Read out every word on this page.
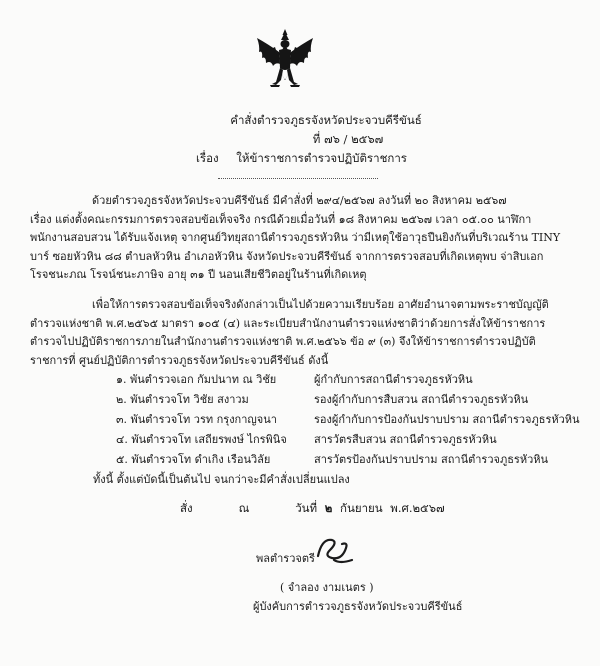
คำสั่งตำรวจภูธรจังหวัดประจวบคีรีขันธ์
ที่ ๗๖ / ๒๕๖๗
เรื่อง ให้ข้าราชการตำรวจปฏิบัติราชการ
ด้วยตำรวจภูธรจังหวัดประจวบคีรีขันธ์ มีคำสั่งที่ ๒๙๔/๒๕๖๗ ลงวันที่ ๒๐ สิงหาคม ๒๕๖๗
เรื่อง แต่งตั้งคณะกรรมการตรวจสอบข้อเท็จจริง กรณีด้วยเมื่อวันที่ ๑๘ สิงหาคม ๒๕๖๗ เวลา ๐๕.๐๐ นาฬิกา
พนักงานสอบสวน ได้รับแจ้งเหตุ จากศูนย์วิทยุสถานีตำรวจภูธรหัวหิน ว่ามีเหตุใช้อาวุธปืนยิงกันที่บริเวณร้าน TINY
บาร์ ซอยหัวหิน ๘๘ ตำบลหัวหิน อำเภอหัวหิน จังหวัดประจวบคีรีขันธ์ จากการตรวจสอบที่เกิดเหตุพบ จ่าสิบเอก
โรจชนะภณ โรจน์ชนะภาษิจ อายุ ๓๑ ปี นอนเสียชีวิตอยู่ในร้านที่เกิดเหตุ
เพื่อให้การตรวจสอบข้อเท็จจริงดังกล่าวเป็นไปด้วยความเรียบร้อย อาศัยอำนาจตามพระราชบัญญัติ
ตำรวจแห่งชาติ พ.ศ.๒๕๖๕ มาตรา ๑๐๕ (๔) และระเบียบสำนักงานตำรวจแห่งชาติว่าด้วยการสั่งให้ข้าราชการ
ตำรวจไปปฏิบัติราชการภายในสำนักงานตำรวจแห่งชาติ พ.ศ.๒๕๖๖ ข้อ ๙ (๓) จึงให้ข้าราชการตำรวจปฏิบัติ
ราชการที่ ศูนย์ปฏิบัติการตำรวจภูธรจังหวัดประจวบคีรีขันธ์ ดังนี้
๑. พันตำรวจเอก กัมปนาท ณ วิชัย	ผู้กำกับการสถานีตำรวจภูธรหัวหิน
๒. พันตำรวจโท วิชัย สงาวม	รองผู้กำกับการสืบสวน สถานีตำรวจภูธรหัวหิน
๓. พันตำรวจโท วรท กรุงกาญจนา	รองผู้กำกับการป้องกันปราบปราม สถานีตำรวจภูธรหัวหิน
๔. พันตำรวจโท เสถียรพงษ์ ไกรพินิจ	สารวัตรสืบสวน สถานีตำรวจภูธรหัวหิน
๕. พันตำรวจโท ดำเกิง เรือนวิลัย	สารวัตรป้องกันปราบปราม สถานีตำรวจภูธรหัวหิน
ทั้งนี้ ตั้งแต่บัดนี้เป็นต้นไป จนกว่าจะมีคำสั่งเปลี่ยนแปลง
สั่ง	ณ	วันที่ ๒ กันยายน พ.ศ.๒๕๖๗
พลตำรวจตรี
( จำลอง งามเนตร )
ผู้บังคับการตำรวจภูธรจังหวัดประจวบคีรีขันธ์
